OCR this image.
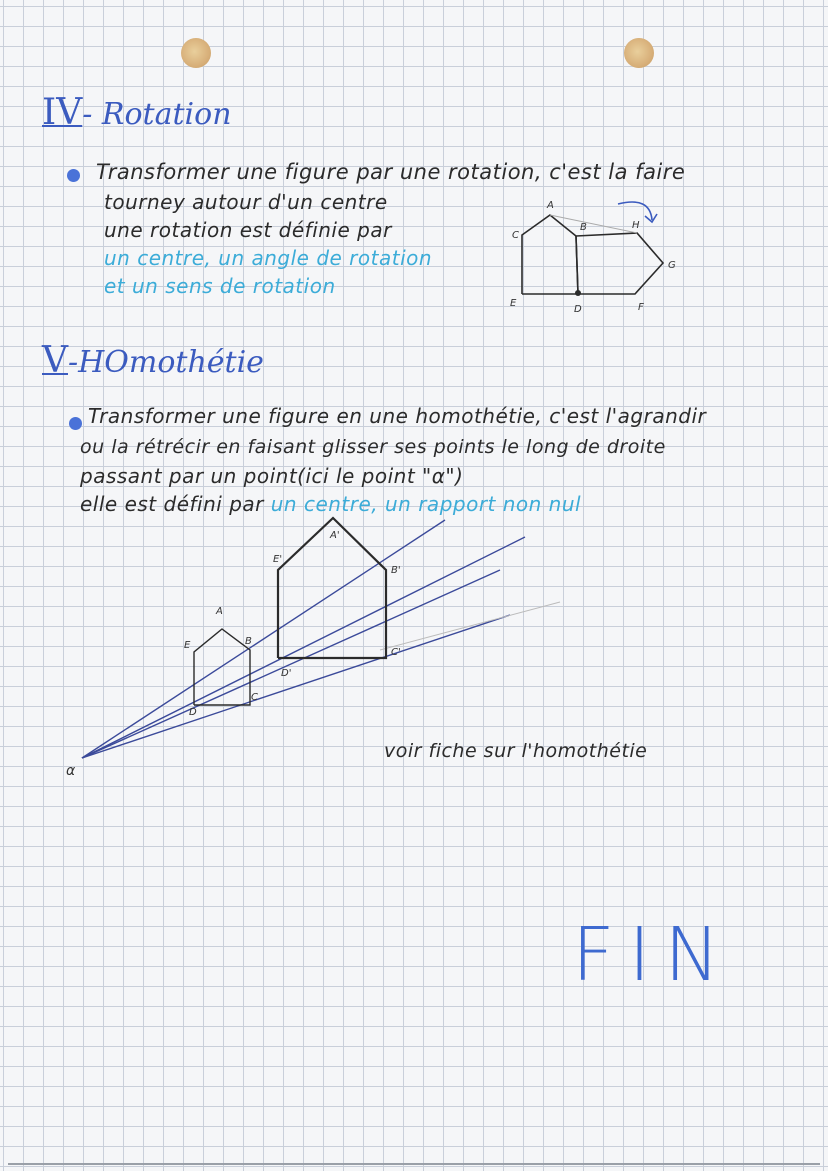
IV- Rotation
Transformer une figure par une rotation, c'est la faire
tourney autour d'un centre
une rotation est définie par
un centre, un angle de rotation
et un sens de rotation
A
B
C
H
G
E
D	F
V-HOmothétie
Transformer une figure en une homothétie, c'est l'agrandir
ou la rétrécir en faisant glisser ses points le long de droite
passant par un point(ici le point "α")
elle est défini par un centre, un rapport non nul
A'
E'
B'
A
E	B
D'
C'
D
C
α
voir fiche sur l'homothétie
FIN
